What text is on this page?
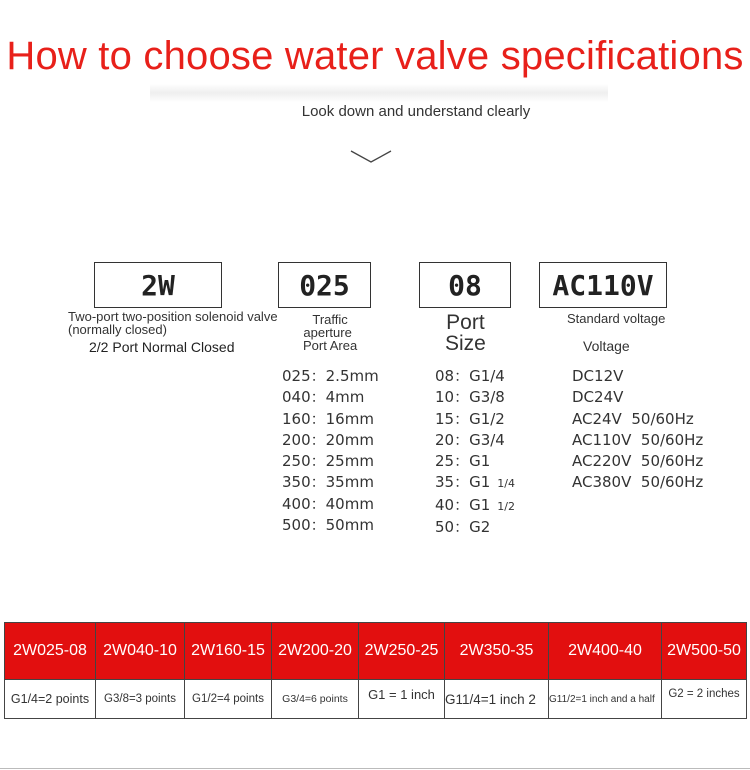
How to choose water valve specifications
Look down and understand clearly
2W	025	08	AC110V
Two-port two-position solenoid valve
(normally closed)
2/2 Port Normal Closed
Traffic
aperture
Port Area
Port
Size
Standard voltage
Voltage
025：2.5mm
040：4mm
160：16mm
200：20mm
250：25mm
350：35mm
400：40mm
500：50mm
08：G1/4
10：G3/8
15：G1/2
20：G3/4
25：G1
35：G1 1/4
40：G1 1/2
50：G2
DC12V
DC24V
AC24V  50/60Hz
AC110V  50/60Hz
AC220V  50/60Hz
AC380V  50/60Hz
2W025-08	2W040-10	2W160-15	2W200-20	2W250-25	2W350-35	2W400-40	2W500-50
G1/4=2 points	G3/8=3 points	G1/2=4 points	G3/4=6 points	G1 = 1 inch	G11/4=1 inch 2	G11/2=1 inch and a half	G2 = 2 inches
